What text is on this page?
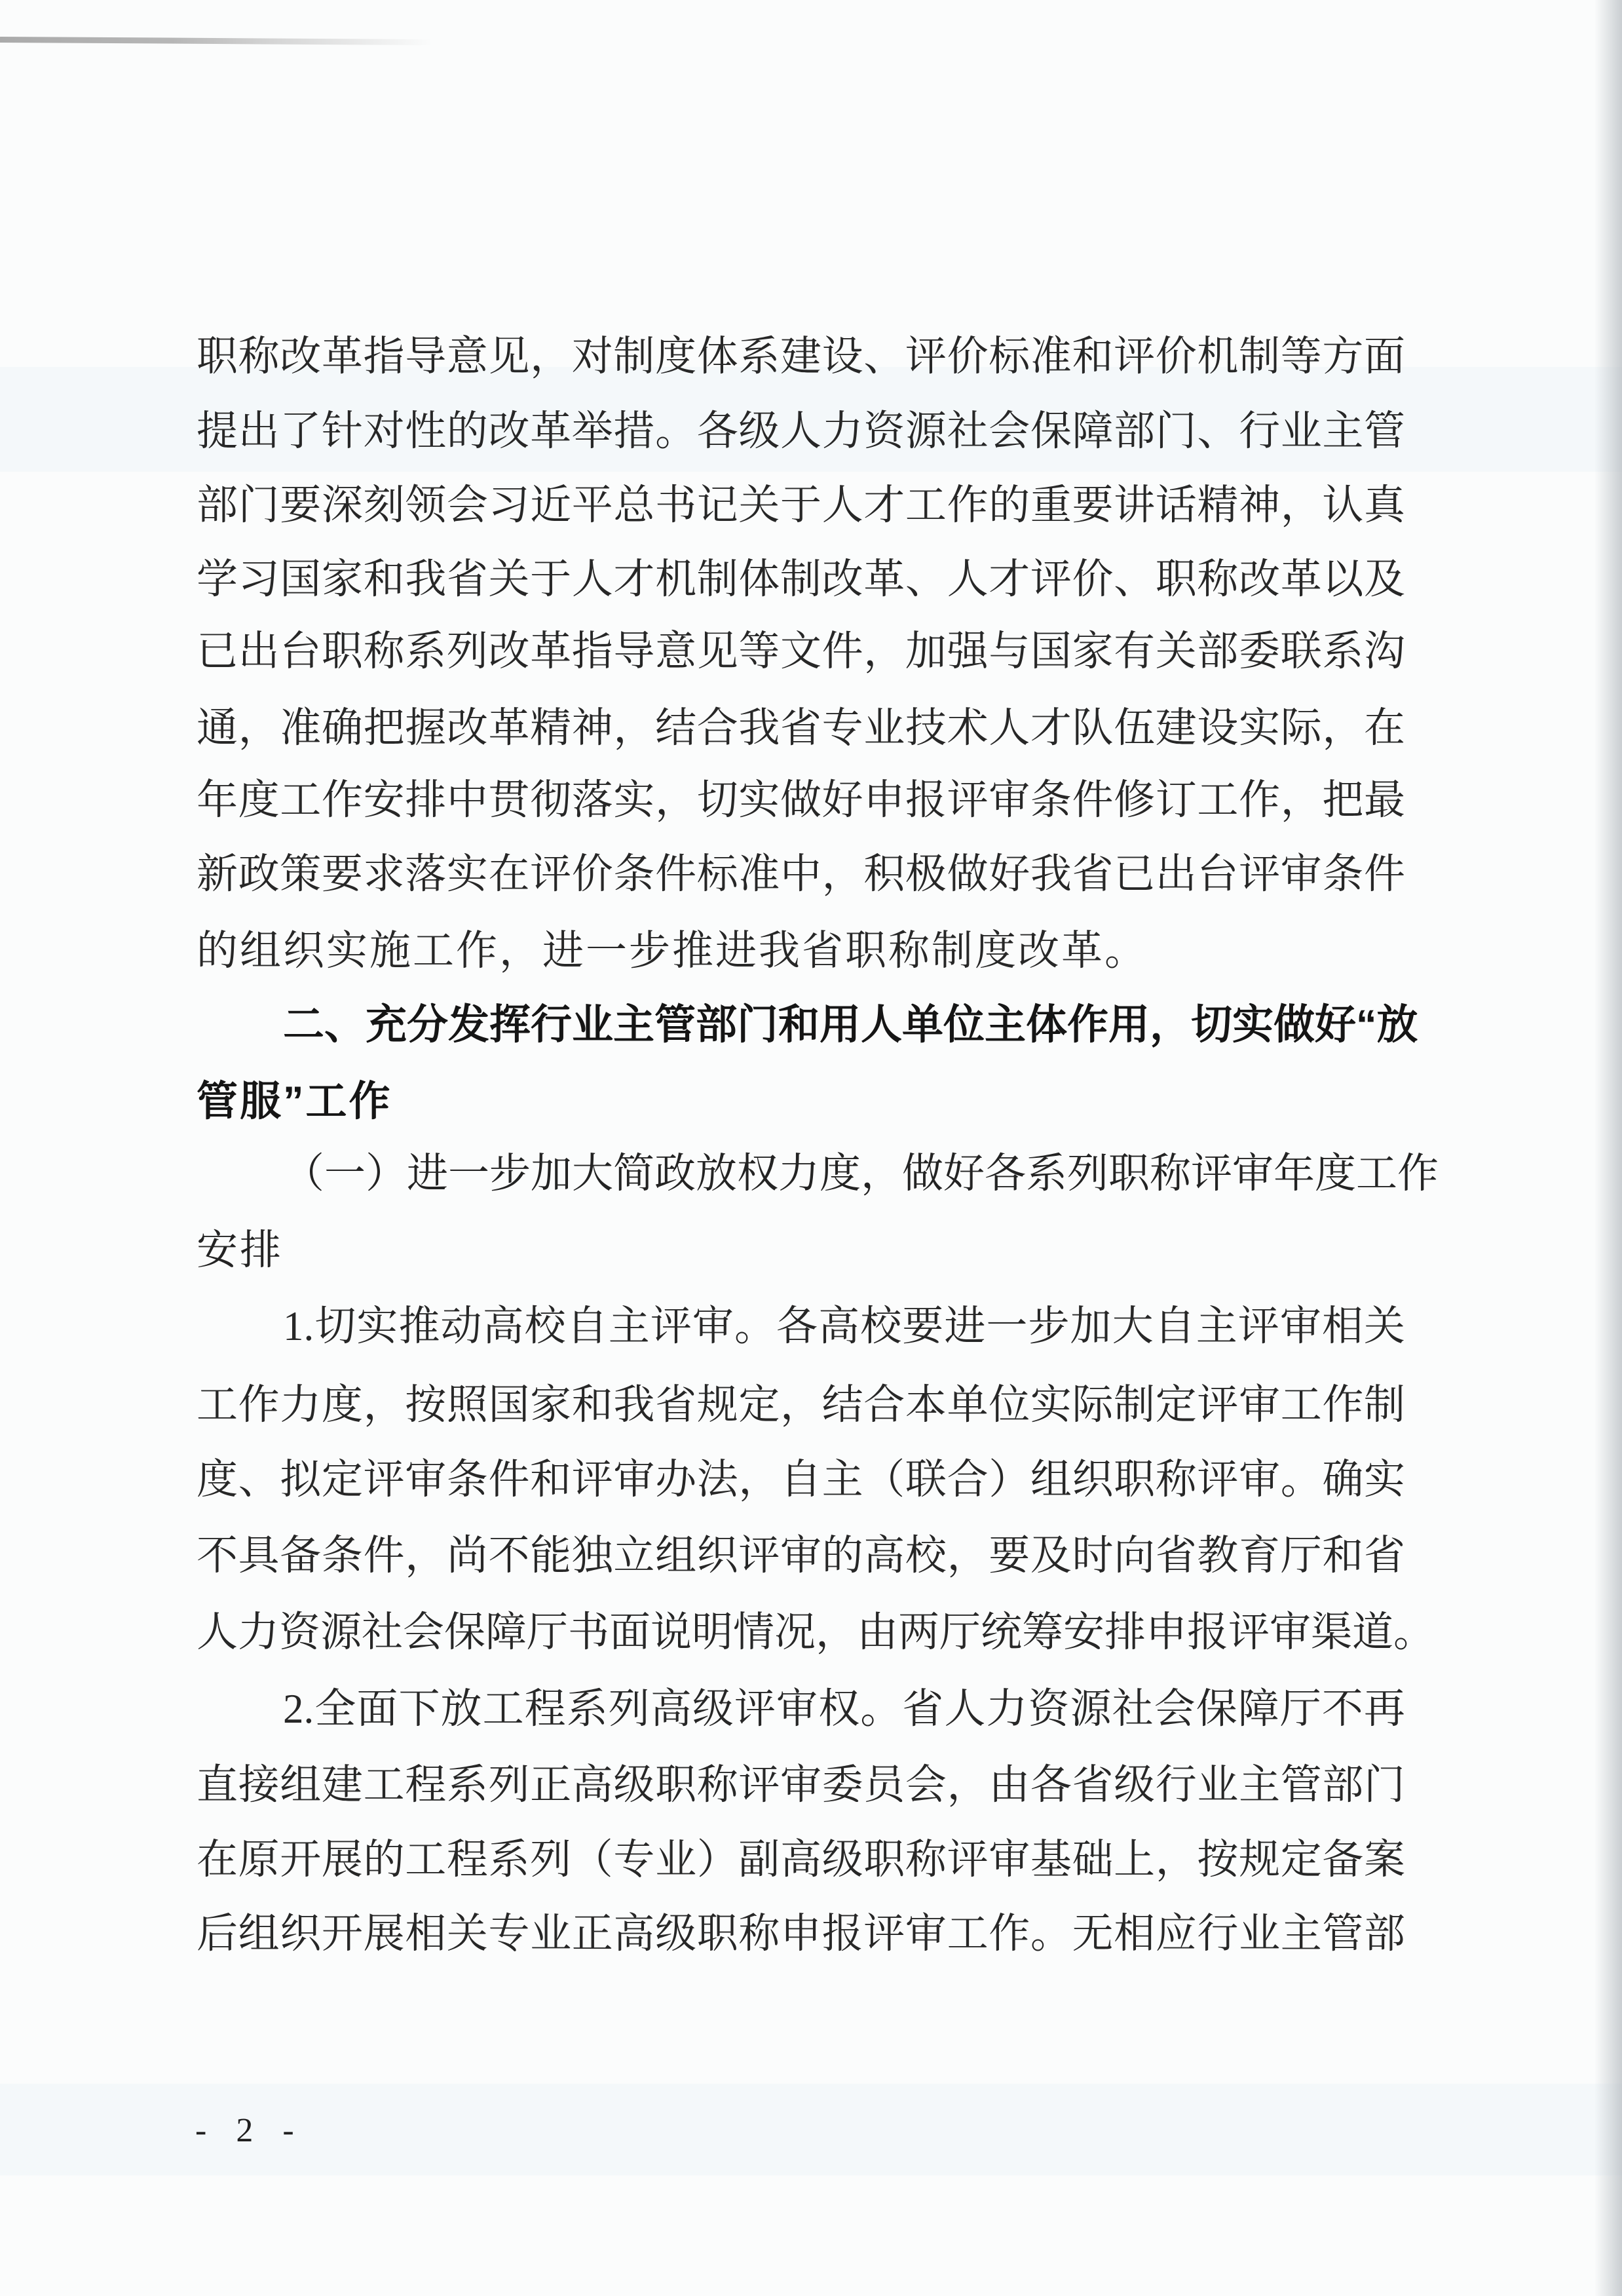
职称改革指导意见，对制度体系建设、评价标准和评价机制等方面
提出了针对性的改革举措。各级人力资源社会保障部门、行业主管
部门要深刻领会习近平总书记关于人才工作的重要讲话精神，认真
学习国家和我省关于人才机制体制改革、人才评价、职称改革以及
已出台职称系列改革指导意见等文件，加强与国家有关部委联系沟
通，准确把握改革精神，结合我省专业技术人才队伍建设实际，在
年度工作安排中贯彻落实，切实做好申报评审条件修订工作，把最
新政策要求落实在评价条件标准中，积极做好我省已出台评审条件
的组织实施工作，进一步推进我省职称制度改革。
二、充分发挥行业主管部门和用人单位主体作用，切实做好“放
管服”工作
（一）进一步加大简政放权力度，做好各系列职称评审年度工作
安排
1.切实推动高校自主评审。各高校要进一步加大自主评审相关
工作力度，按照国家和我省规定，结合本单位实际制定评审工作制
度、拟定评审条件和评审办法，自主（联合）组织职称评审。确实
不具备条件，尚不能独立组织评审的高校，要及时向省教育厅和省
人力资源社会保障厅书面说明情况，由两厅统筹安排申报评审渠道。
2.全面下放工程系列高级评审权。省人力资源社会保障厅不再
直接组建工程系列正高级职称评审委员会，由各省级行业主管部门
在原开展的工程系列（专业）副高级职称评审基础上，按规定备案
后组织开展相关专业正高级职称申报评审工作。无相应行业主管部
- 2 -
